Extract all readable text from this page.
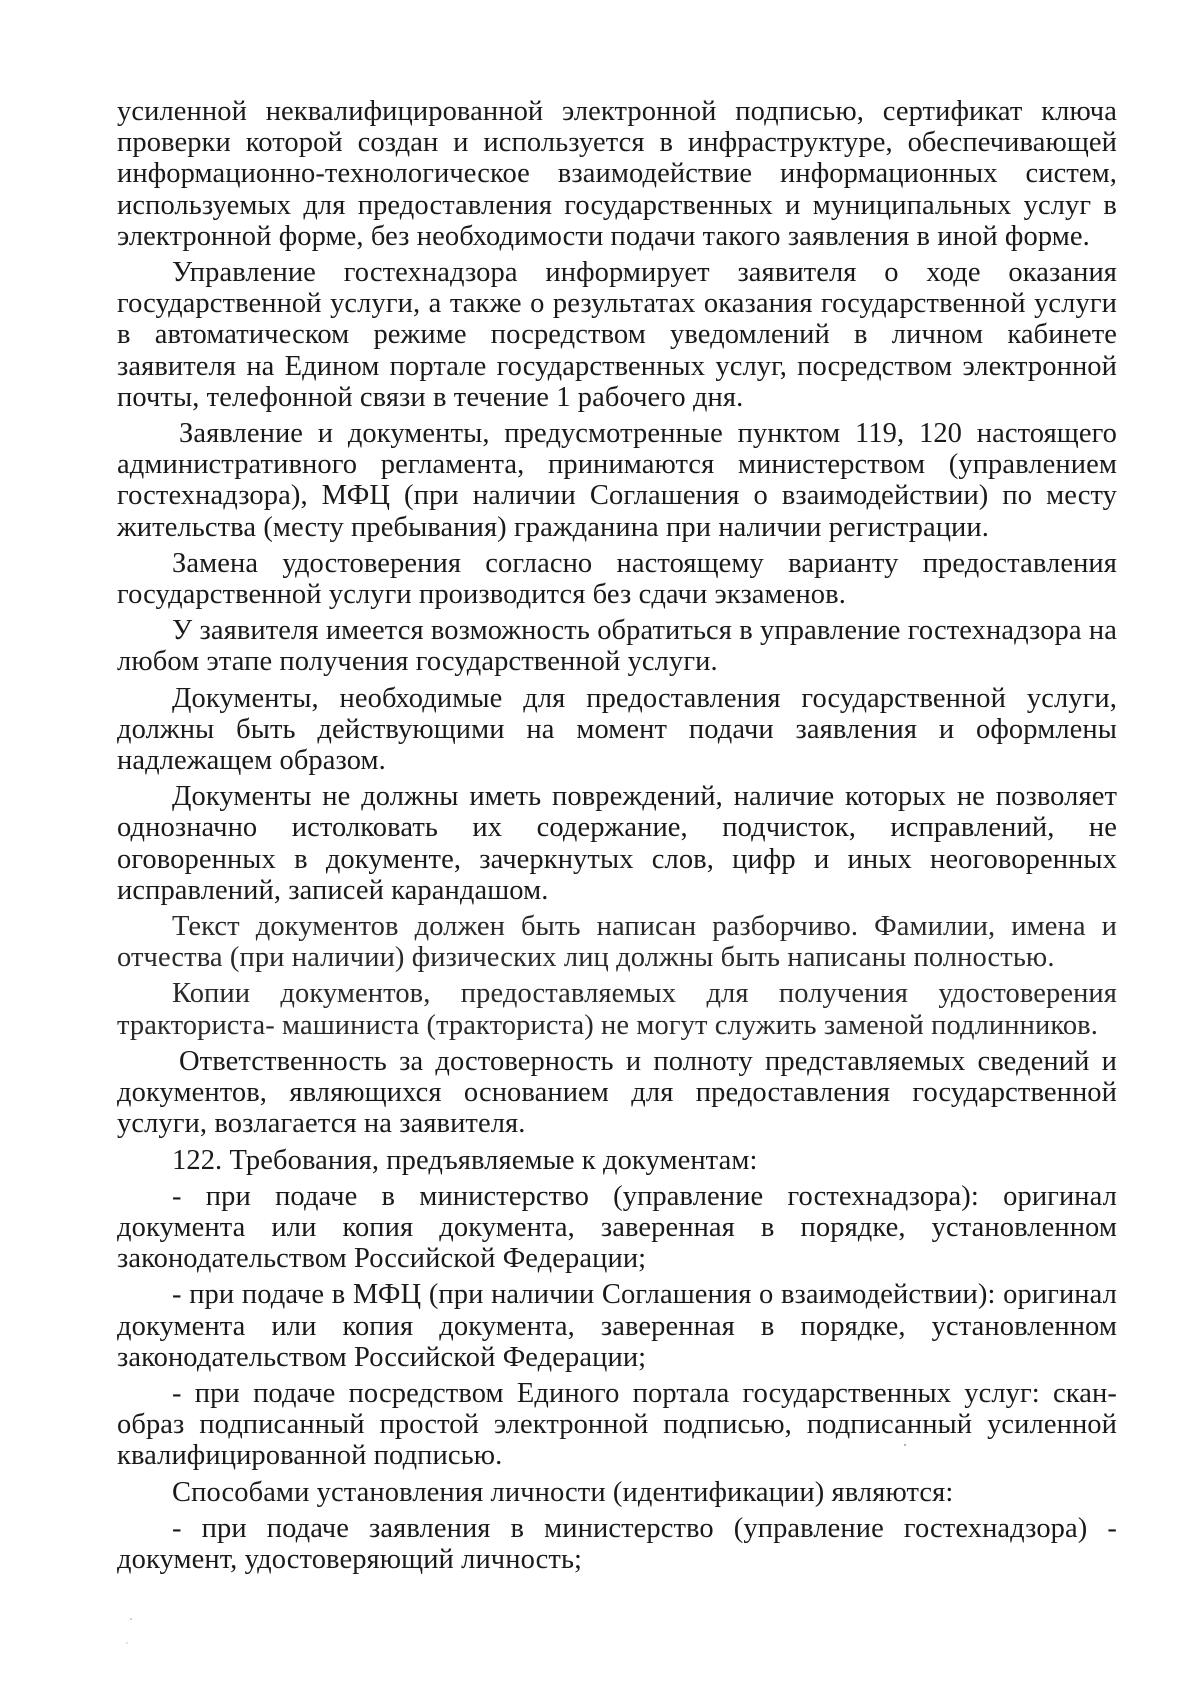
усиленной неквалифицированной электронной подписью, сертификат ключа проверки которой создан и используется в инфраструктуре, обеспечивающей информационно-технологическое взаимодействие информационных систем, используемых для предоставления государственных и муниципальных услуг в электронной форме, без необходимости подачи такого заявления в иной форме.

Управление гостехнадзора информирует заявителя о ходе оказания государственной услуги, а также о результатах оказания государственной услуги в автоматическом режиме посредством уведомлений в личном кабинете заявителя на Едином портале государственных услуг, посредством электронной почты, телефонной связи в течение 1 рабочего дня.

Заявление и документы, предусмотренные пунктом 119, 120 настоящего административного регламента, принимаются министерством (управлением гостехнадзора), МФЦ (при наличии Соглашения о взаимодействии) по месту жительства (месту пребывания) гражданина при наличии регистрации.

Замена удостоверения согласно настоящему варианту предоставления государственной услуги производится без сдачи экзаменов.

У заявителя имеется возможность обратиться в управление гостехнадзора на любом этапе получения государственной услуги.

Документы, необходимые для предоставления государственной услуги, должны быть действующими на момент подачи заявления и оформлены надлежащем образом.

Документы не должны иметь повреждений, наличие которых не позволяет однозначно истолковать их содержание, подчисток, исправлений, не оговоренных в документе, зачеркнутых слов, цифр и иных неоговоренных исправлений, записей карандашом.

Текст документов должен быть написан разборчиво. Фамилии, имена и отчества (при наличии) физических лиц должны быть написаны полностью.

Копии документов, предоставляемых для получения удостоверения тракториста- машиниста (тракториста) не могут служить заменой подлинников.

Ответственность за достоверность и полноту представляемых сведений и документов, являющихся основанием для предоставления государственной услуги, возлагается на заявителя.

122. Требования, предъявляемые к документам:

- при подаче в министерство (управление гостехнадзора): оригинал документа или копия документа, заверенная в порядке, установленном законодательством Российской Федерации;

- при подаче в МФЦ (при наличии Соглашения о взаимодействии): оригинал документа или копия документа, заверенная в порядке, установленном законодательством Российской Федерации;

- при подаче посредством Единого портала государственных услуг: скан-образ подписанный простой электронной подписью, подписанный усиленной квалифицированной подписью.

Способами установления личности (идентификации) являются:

- при подаче заявления в министерство (управление гостехнадзора) - документ, удостоверяющий личность;
